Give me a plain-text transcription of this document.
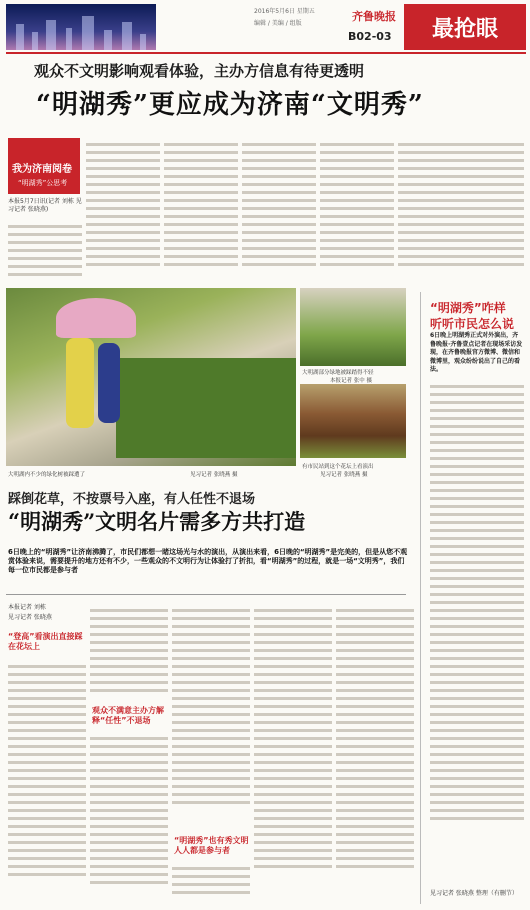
2016年5月6日 星期五
编辑 / 美编 / 组版
齐鲁晚报
B02-03	最抢眼
观众不文明影响观看体验，主办方信息有待更透明
“明湖秀”更应成为济南“文明秀”
我为济南阅卷
“明湖秀”公思考
本报5月7日讯(记者 刘栋 见习记者 张晓燕)
大明湖内不少的绿化树被踩遭了	见习记者 张晓燕 摄
大明湖部分绿地被踩踏得不轻
本报记者 张中 摄
有市民站到这个花坛上看演出
见习记者 张晓燕 摄
踩倒花草，不按票号入座，有人任性不退场
“明湖秀”文明名片需多方共打造
6日晚上的“明湖秀”让济南沸腾了，市民们都想一睹这场光与水的演出，从演出来看，6日晚的“明湖秀”是完美的，但是从您不观赏体验来说，需要提升的地方还有不少，一些观众的不文明行为让体验打了折扣，看“明湖秀”的过程，就是一场“文明秀”，我们每一位市民都是参与者
本报记者 刘栋
见习记者 张晓燕
“登高”看演出直接踩在花坛上
观众不满意主办方解释“任性”不退场
“明湖秀”也有秀文明人人都是参与者
“明湖秀”咋样
听听市民怎么说
6日晚上明湖秀正式对外演出，齐鲁晚报·齐鲁壹点记者在现场采访发现，在齐鲁晚报官方微博、微信和微博里，观众纷纷说出了自己的看法。
见习记者 张晓燕 整理（有删节）
